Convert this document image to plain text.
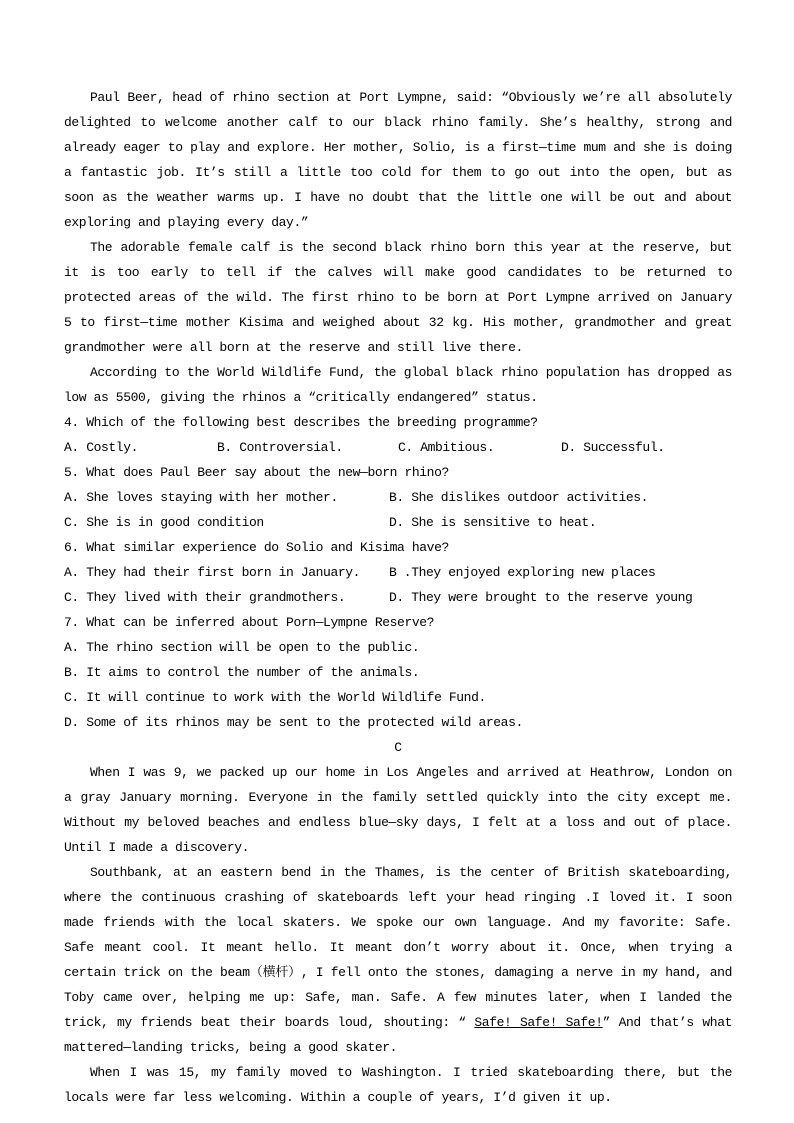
Paul Beer, head of rhino section at Port Lympne, said: “Obviously we’re all absolutely delighted to welcome another calf to our black rhino family. She’s healthy, strong and already eager to play and explore. Her mother, Solio, is a first—time mum and she is doing a fantastic job. It’s still a little too cold for them to go out into the open, but as soon as the weather warms up. I have no doubt that the little one will be out and about exploring and playing every day.”
The adorable female calf is the second black rhino born this year at the reserve, but it is too early to tell if the calves will make good candidates to be returned to protected areas of the wild. The first rhino to be born at Port Lympne arrived on January 5 to first—time mother Kisima and weighed about 32 kg. His mother, grandmother and great grandmother were all born at the reserve and still live there.
According to the World Wildlife Fund, the global black rhino population has dropped as low as 5500, giving the rhinos a “critically endangered” status.
4. Which of the following best describes the breeding programme?
A. Costly.	B. Controversial.	C. Ambitious.	D. Successful.
5. What does Paul Beer say about the new—born rhino?
A. She loves staying with her mother.	B. She dislikes outdoor activities.
C. She is in good condition	D. She is sensitive to heat.
6. What similar experience do Solio and Kisima have?
A. They had their first born in January.	B .They enjoyed exploring new places
C. They lived with their grandmothers.	D. They were brought to the reserve young
7. What can be inferred about Porn—Lympne Reserve?
A. The rhino section will be open to the public.
B. It aims to control the number of the animals.
C. It will continue to work with the World Wildlife Fund.
D. Some of its rhinos may be sent to the protected wild areas.
C
When I was 9, we packed up our home in Los Angeles and arrived at Heathrow, London on a gray January morning. Everyone in the family settled quickly into the city except me. Without my beloved beaches and endless blue—sky days, I felt at a loss and out of place. Until I made a discovery.
Southbank, at an eastern bend in the Thames, is the center of British skateboarding, where the continuous crashing of skateboards left your head ringing .I loved it. I soon made friends with the local skaters. We spoke our own language. And my favorite: Safe. Safe meant cool. It meant hello. It meant don’t worry about it. Once, when trying a certain trick on the beam（横杆）, I fell onto the stones, damaging a nerve in my hand, and Toby came over, helping me up: Safe, man. Safe. A few minutes later, when I landed the trick, my friends beat their boards loud, shouting: “ Safe! Safe! Safe!” And that’s what mattered—landing tricks, being a good skater.
When I was 15, my family moved to Washington. I tried skateboarding there, but the locals were far less welcoming. Within a couple of years, I’d given it up.
